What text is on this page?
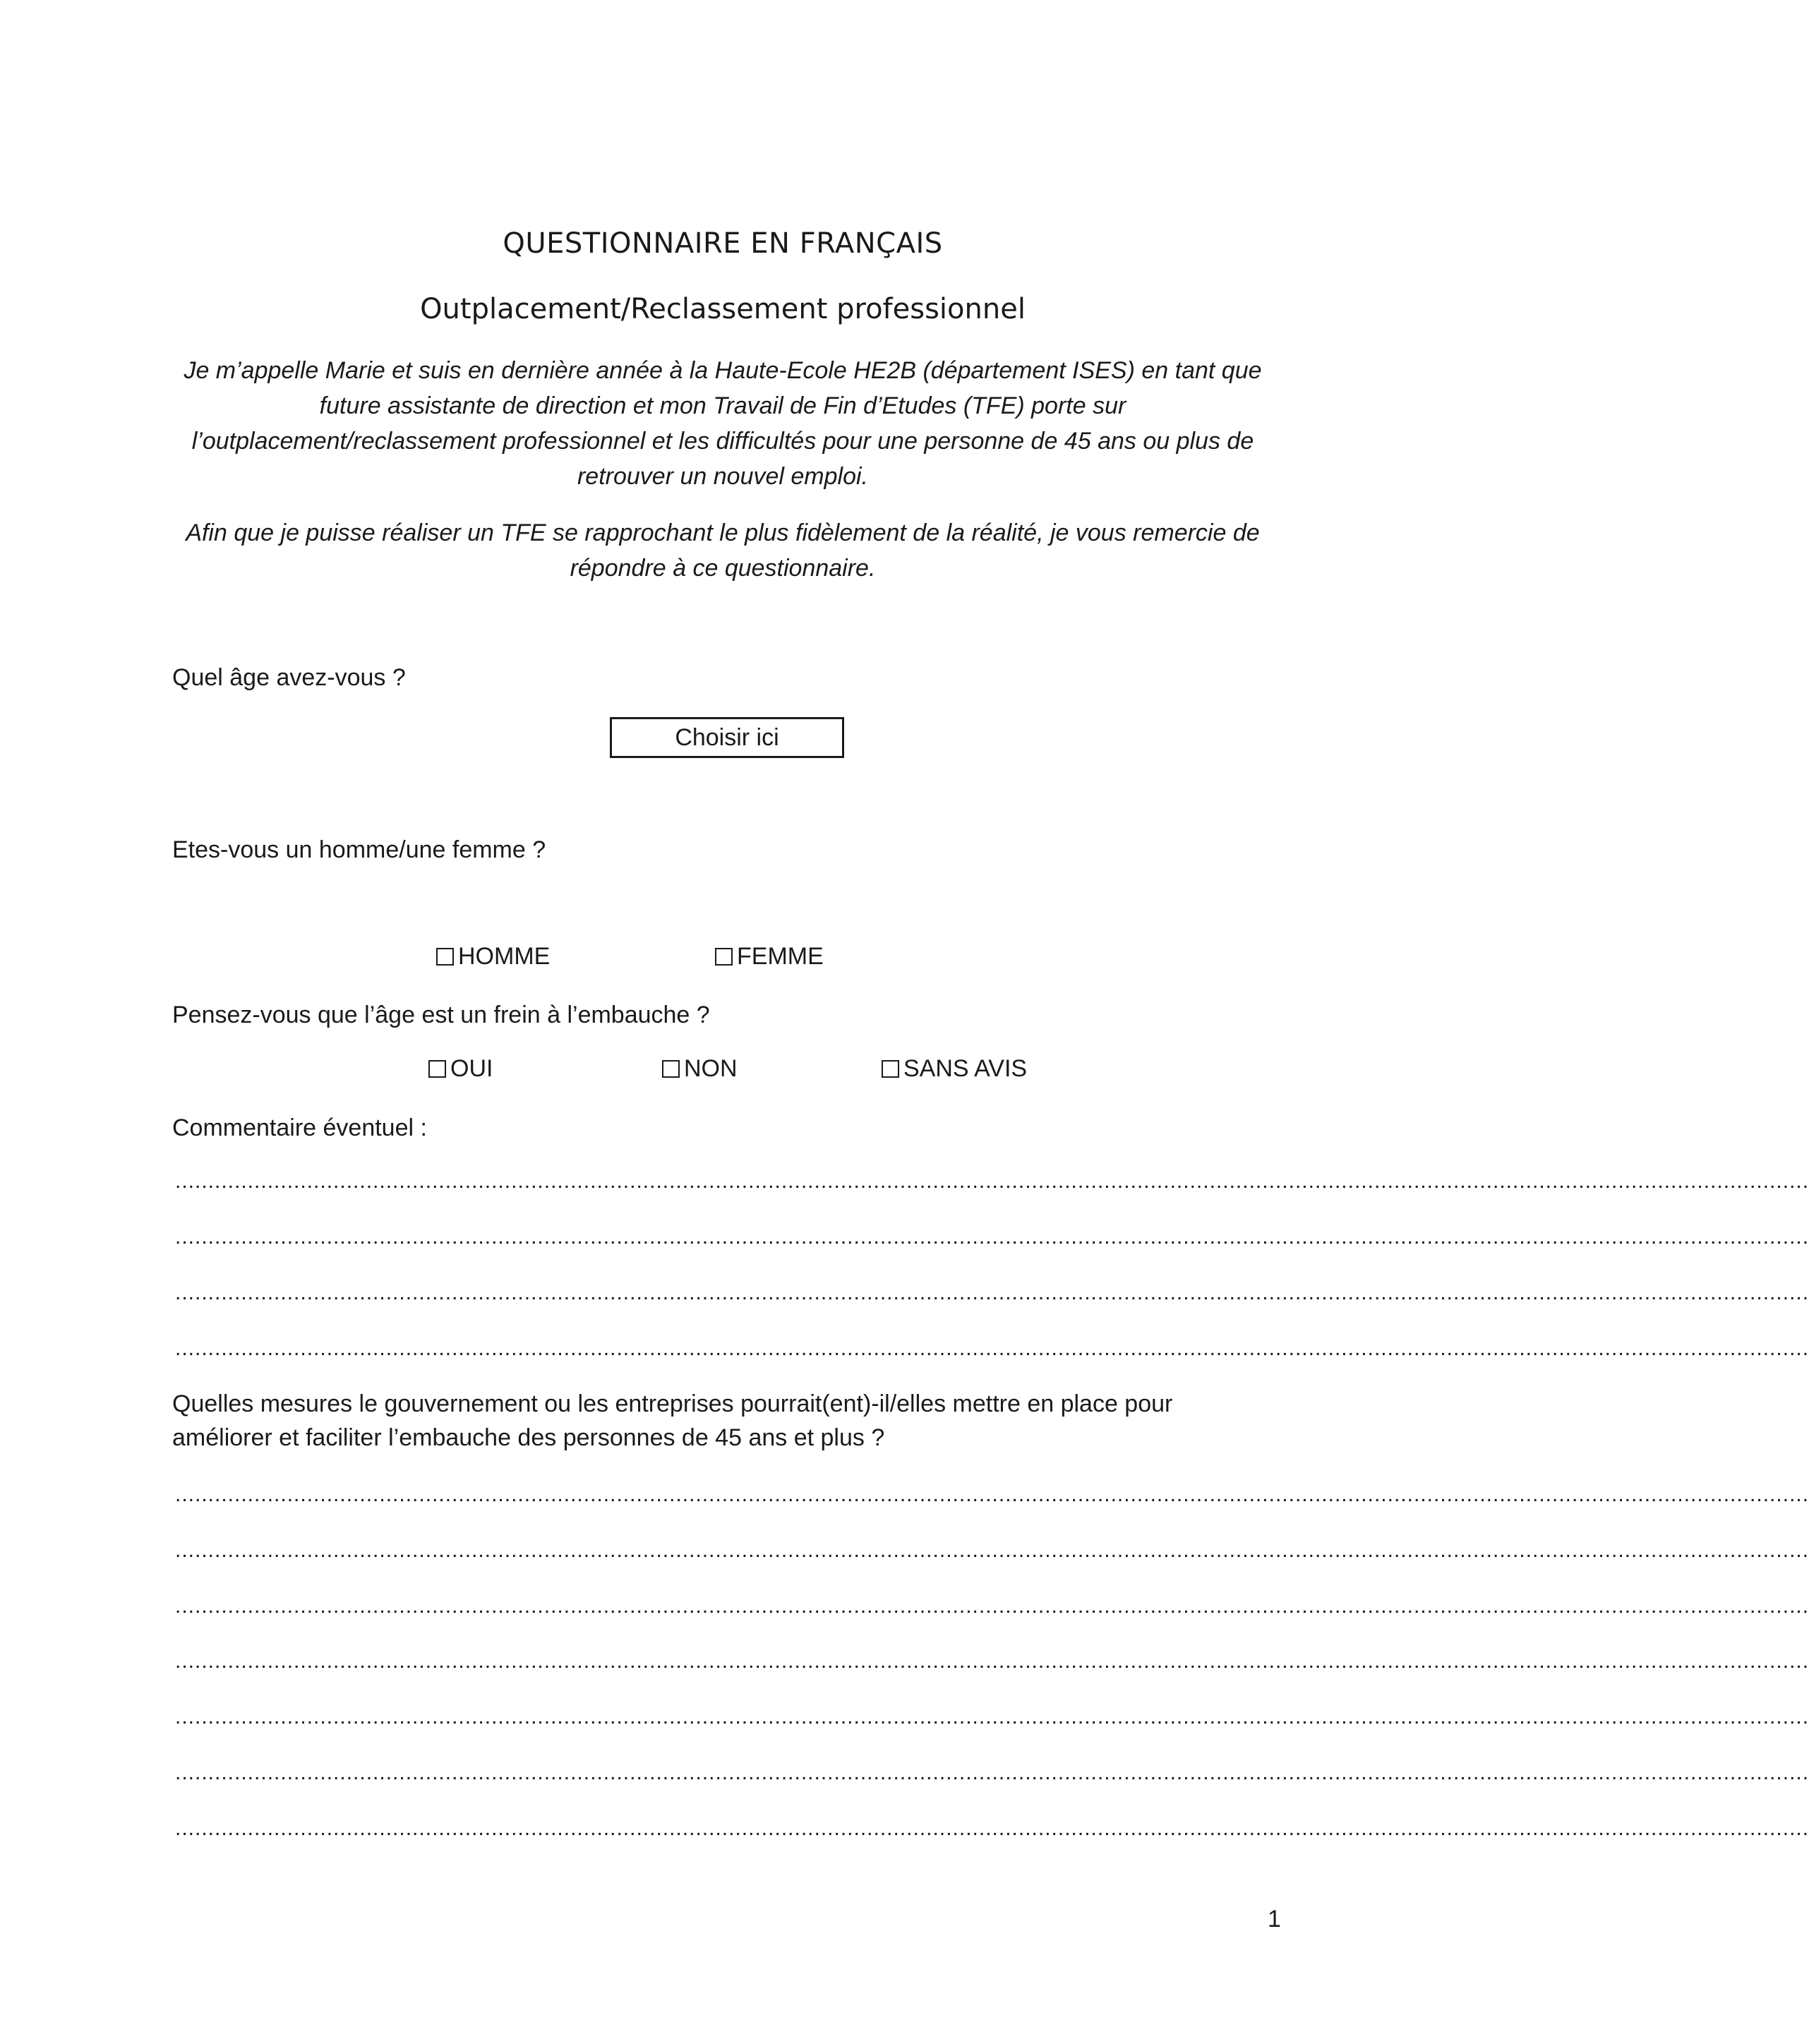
QUESTIONNAIRE EN FRANÇAIS
Outplacement/Reclassement professionnel

Je m’appelle Marie et suis en dernière année à la Haute-Ecole HE2B (département ISES) en tant que
future assistante de direction et mon Travail de Fin d’Etudes (TFE) porte sur
l’outplacement/reclassement professionnel et les difficultés pour une personne de 45 ans ou plus de
retrouver un nouvel emploi.

Afin que je puisse réaliser un TFE se rapprochant le plus fidèlement de la réalité, je vous remercie de
répondre à ce questionnaire.

Quel âge avez-vous ?
Choisir ici
Etes-vous un homme/une femme ?
HOMME	FEMME
Pensez-vous que l’âge est un frein à l’embauche ?
OUI	NON	SANS AVIS
Commentaire éventuel :
........................................................................................................................................................................................................................................................
........................................................................................................................................................................................................................................................
........................................................................................................................................................................................................................................................
........................................................................................................................................................................................................................................................
Quelles mesures le gouvernement ou les entreprises pourrait(ent)-il/elles mettre en place pour
améliorer et faciliter l’embauche des personnes de 45 ans et plus ?
........................................................................................................................................................................................................................................................
........................................................................................................................................................................................................................................................
........................................................................................................................................................................................................................................................
........................................................................................................................................................................................................................................................
........................................................................................................................................................................................................................................................
........................................................................................................................................................................................................................................................
........................................................................................................................................................................................................................................................
1
